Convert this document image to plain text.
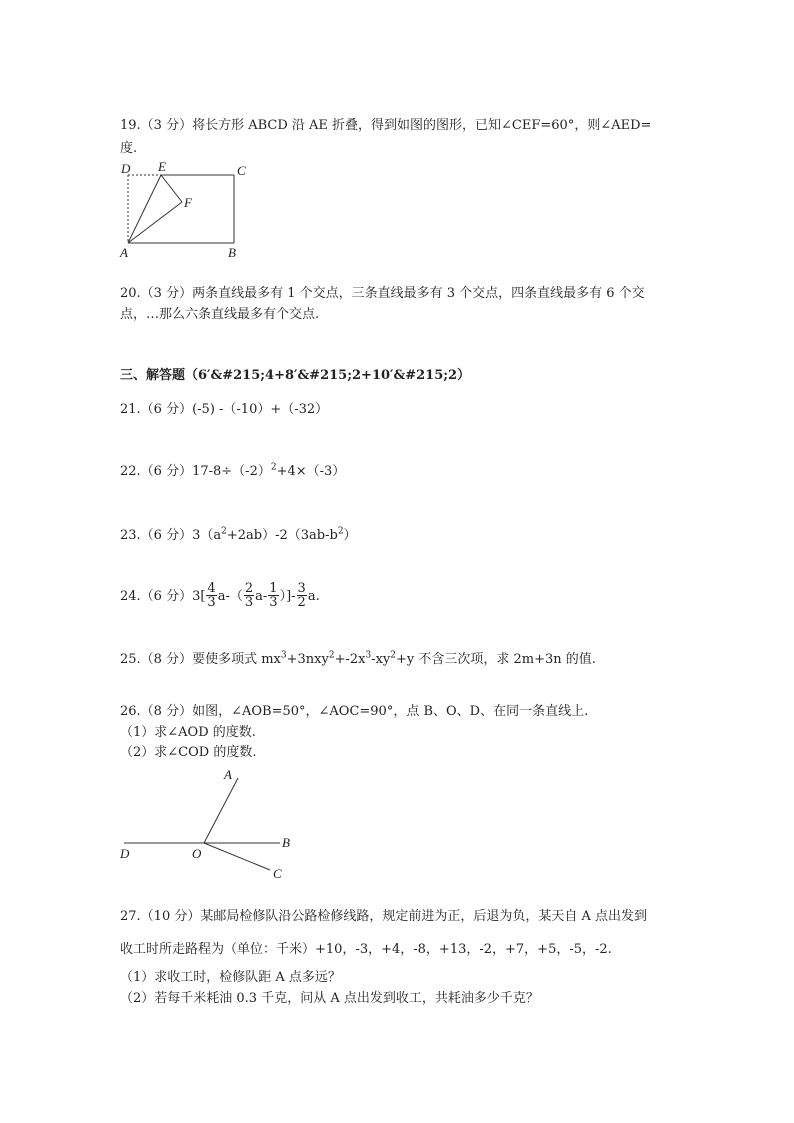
19.（3 分）将长方形 ABCD 沿 AE 折叠，得到如图的图形，已知∠CEF=60°，则∠AED=
度.
D E	C
F
A	B
20.（3 分）两条直线最多有 1 个交点，三条直线最多有 3 个交点，四条直线最多有 6 个交
点，…那么六条直线最多有个交点.
三、解答题（6′&#215;4+8′&#215;2+10′&#215;2）
21.（6 分）(-5) -（-10）+（-32）
22.（6 分）$17-8\div(-2)^2+4\times(-3)$
23.（6 分）$3(a^2+2ab)-2(3ab-b^2)$
24.（6 分）$3[ \frac{4}{3} a-( \frac{2}{3} a- \frac{1}{3}$ ）]- $\frac{3}{2} a$.
25.（8 分）要使多项式 $mx^3+3nxy^2+-2x^3-xy^2+y$ 不含三次项，求 2m+3n 的值.
26.（8 分）如图，∠AOB=50°，∠AOC=90°，点 B、O、D、在同一条直线上.
（1）求∠AOD 的度数.
（2）求∠COD 的度数.
A
B
D	O
C
27.（10 分）某邮局检修队沿公路检修线路，规定前进为正，后退为负，某天自 A 点出发到
收工时所走路程为（单位：千米）+10，-3，+4，-8，+13，-2，+7，+5，-5，-2.
（1）求收工时，检修队距 A 点多远？
（2）若每千米耗油 0.3 千克，问从 A 点出发到收工，共耗油多少千克？
